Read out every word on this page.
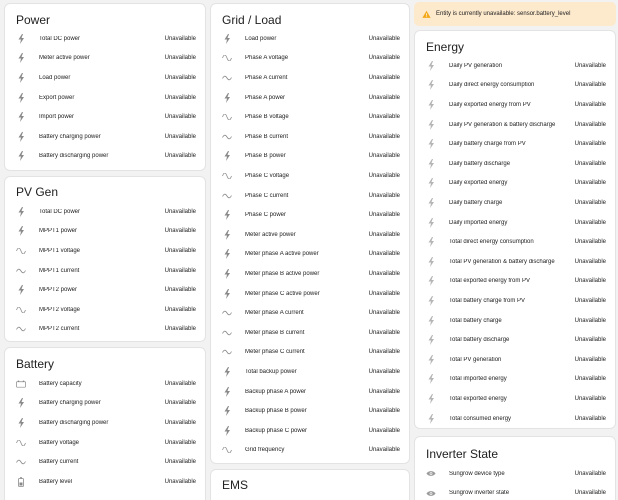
Power
Total DC power	Unavailable
Meter active power	Unavailable
Load power	Unavailable
Export power	Unavailable
Import power	Unavailable
Battery charging power	Unavailable
Battery discharging power	Unavailable
PV Gen
Total DC power	Unavailable
MPPT1 power	Unavailable
MPPT1 voltage	Unavailable
MPPT1 current	Unavailable
MPPT2 power	Unavailable
MPPT2 voltage	Unavailable
MPPT2 current	Unavailable
Battery
Battery capacity	Unavailable
Battery charging power	Unavailable
Battery discharging power	Unavailable
Battery voltage	Unavailable
Battery current	Unavailable
Battery level	Unavailable
Grid / Load
Load power	Unavailable
Phase A voltage	Unavailable
Phase A current	Unavailable
Phase A power	Unavailable
Phase B voltage	Unavailable
Phase B current	Unavailable
Phase B power	Unavailable
Phase C voltage	Unavailable
Phase C current	Unavailable
Phase C power	Unavailable
Meter active power	Unavailable
Meter phase A active power	Unavailable
Meter phase B active power	Unavailable
Meter phase C active power	Unavailable
Meter phase A current	Unavailable
Meter phase B current	Unavailable
Meter phase C current	Unavailable
Total backup power	Unavailable
Backup phase A power	Unavailable
Backup phase B power	Unavailable
Backup phase C power	Unavailable
Grid frequency	Unavailable
EMS
Entity is currently unavailable: sensor.battery_level
Energy
Daily PV generation	Unavailable
Daily direct energy consumption	Unavailable
Daily exported energy from PV	Unavailable
Daily PV generation & battery discharge	Unavailable
Daily battery charge from PV	Unavailable
Daily battery discharge	Unavailable
Daily exported energy	Unavailable
Daily battery charge	Unavailable
Daily imported energy	Unavailable
Total direct energy consumption	Unavailable
Total PV generation & battery discharge	Unavailable
Total exported energy from PV	Unavailable
Total battery charge from PV	Unavailable
Total battery charge	Unavailable
Total battery discharge	Unavailable
Total PV generation	Unavailable
Total imported energy	Unavailable
Total exported energy	Unavailable
Total consumed energy	Unavailable
Inverter State
Sungrow device type	Unavailable
Sungrow inverter state	Unavailable
